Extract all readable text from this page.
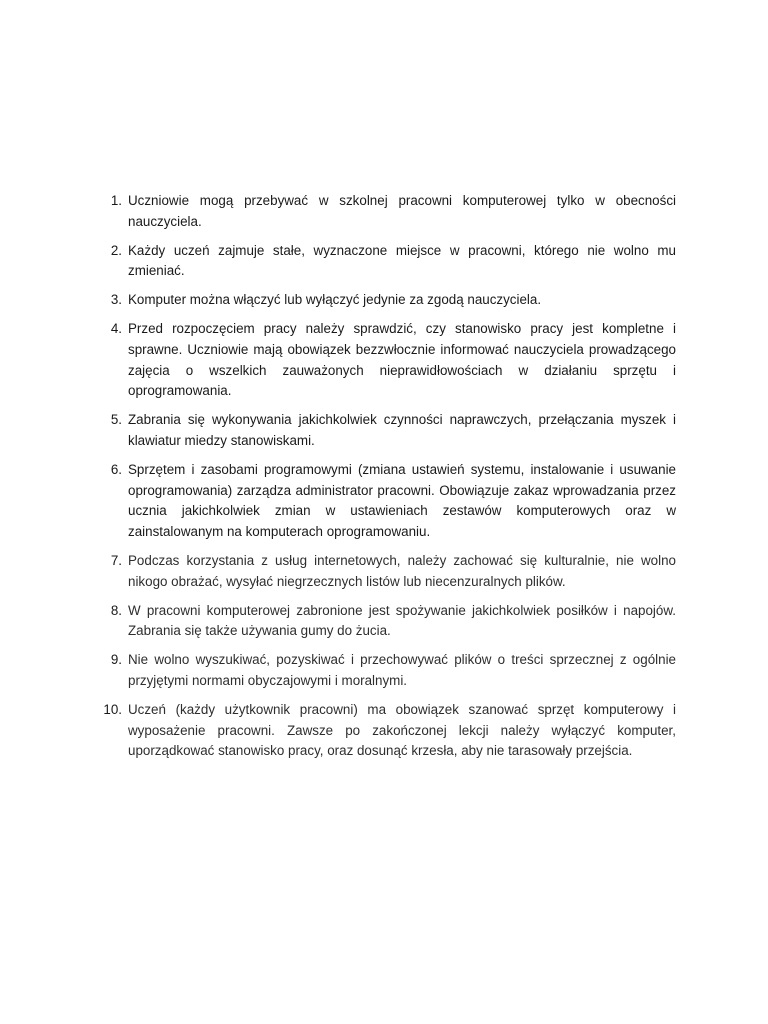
1. Uczniowie mogą przebywać w szkolnej pracowni komputerowej tylko w obecności nauczyciela.
2. Każdy uczeń zajmuje stałe, wyznaczone miejsce w pracowni, którego nie wolno mu zmieniać.
3. Komputer można włączyć lub wyłączyć jedynie za zgodą nauczyciela.
4. Przed rozpoczęciem pracy należy sprawdzić, czy stanowisko pracy jest kompletne i sprawne. Uczniowie mają obowiązek bezzwłocznie informować nauczyciela prowadzącego zajęcia o wszelkich zauważonych nieprawidłowościach w działaniu sprzętu i oprogramowania.
5. Zabrania się wykonywania jakichkolwiek czynności naprawczych, przełączania myszek i klawiatur miedzy stanowiskami.
6. Sprzętem i zasobami programowymi (zmiana ustawień systemu, instalowanie i usuwanie oprogramowania) zarządza administrator pracowni. Obowiązuje zakaz wprowadzania przez ucznia jakichkolwiek zmian w ustawieniach zestawów komputerowych oraz w zainstalowanym na komputerach oprogramowaniu.
7. Podczas korzystania z usług internetowych, należy zachować się kulturalnie, nie wolno nikogo obrażać, wysyłać niegrzecznych listów lub niecenzuralnych plików.
8. W pracowni komputerowej zabronione jest spożywanie jakichkolwiek posiłków i napojów. Zabrania się także używania gumy do żucia.
9. Nie wolno wyszukiwać, pozyskiwać i przechowywać plików o treści sprzecznej z ogólnie przyjętymi normami obyczajowymi i moralnymi.
10. Uczeń (każdy użytkownik pracowni) ma obowiązek szanować sprzęt komputerowy i wyposażenie pracowni. Zawsze po zakończonej lekcji należy wyłączyć komputer, uporządkować stanowisko pracy, oraz dosunąć krzesła, aby nie tarasowały przejścia.
